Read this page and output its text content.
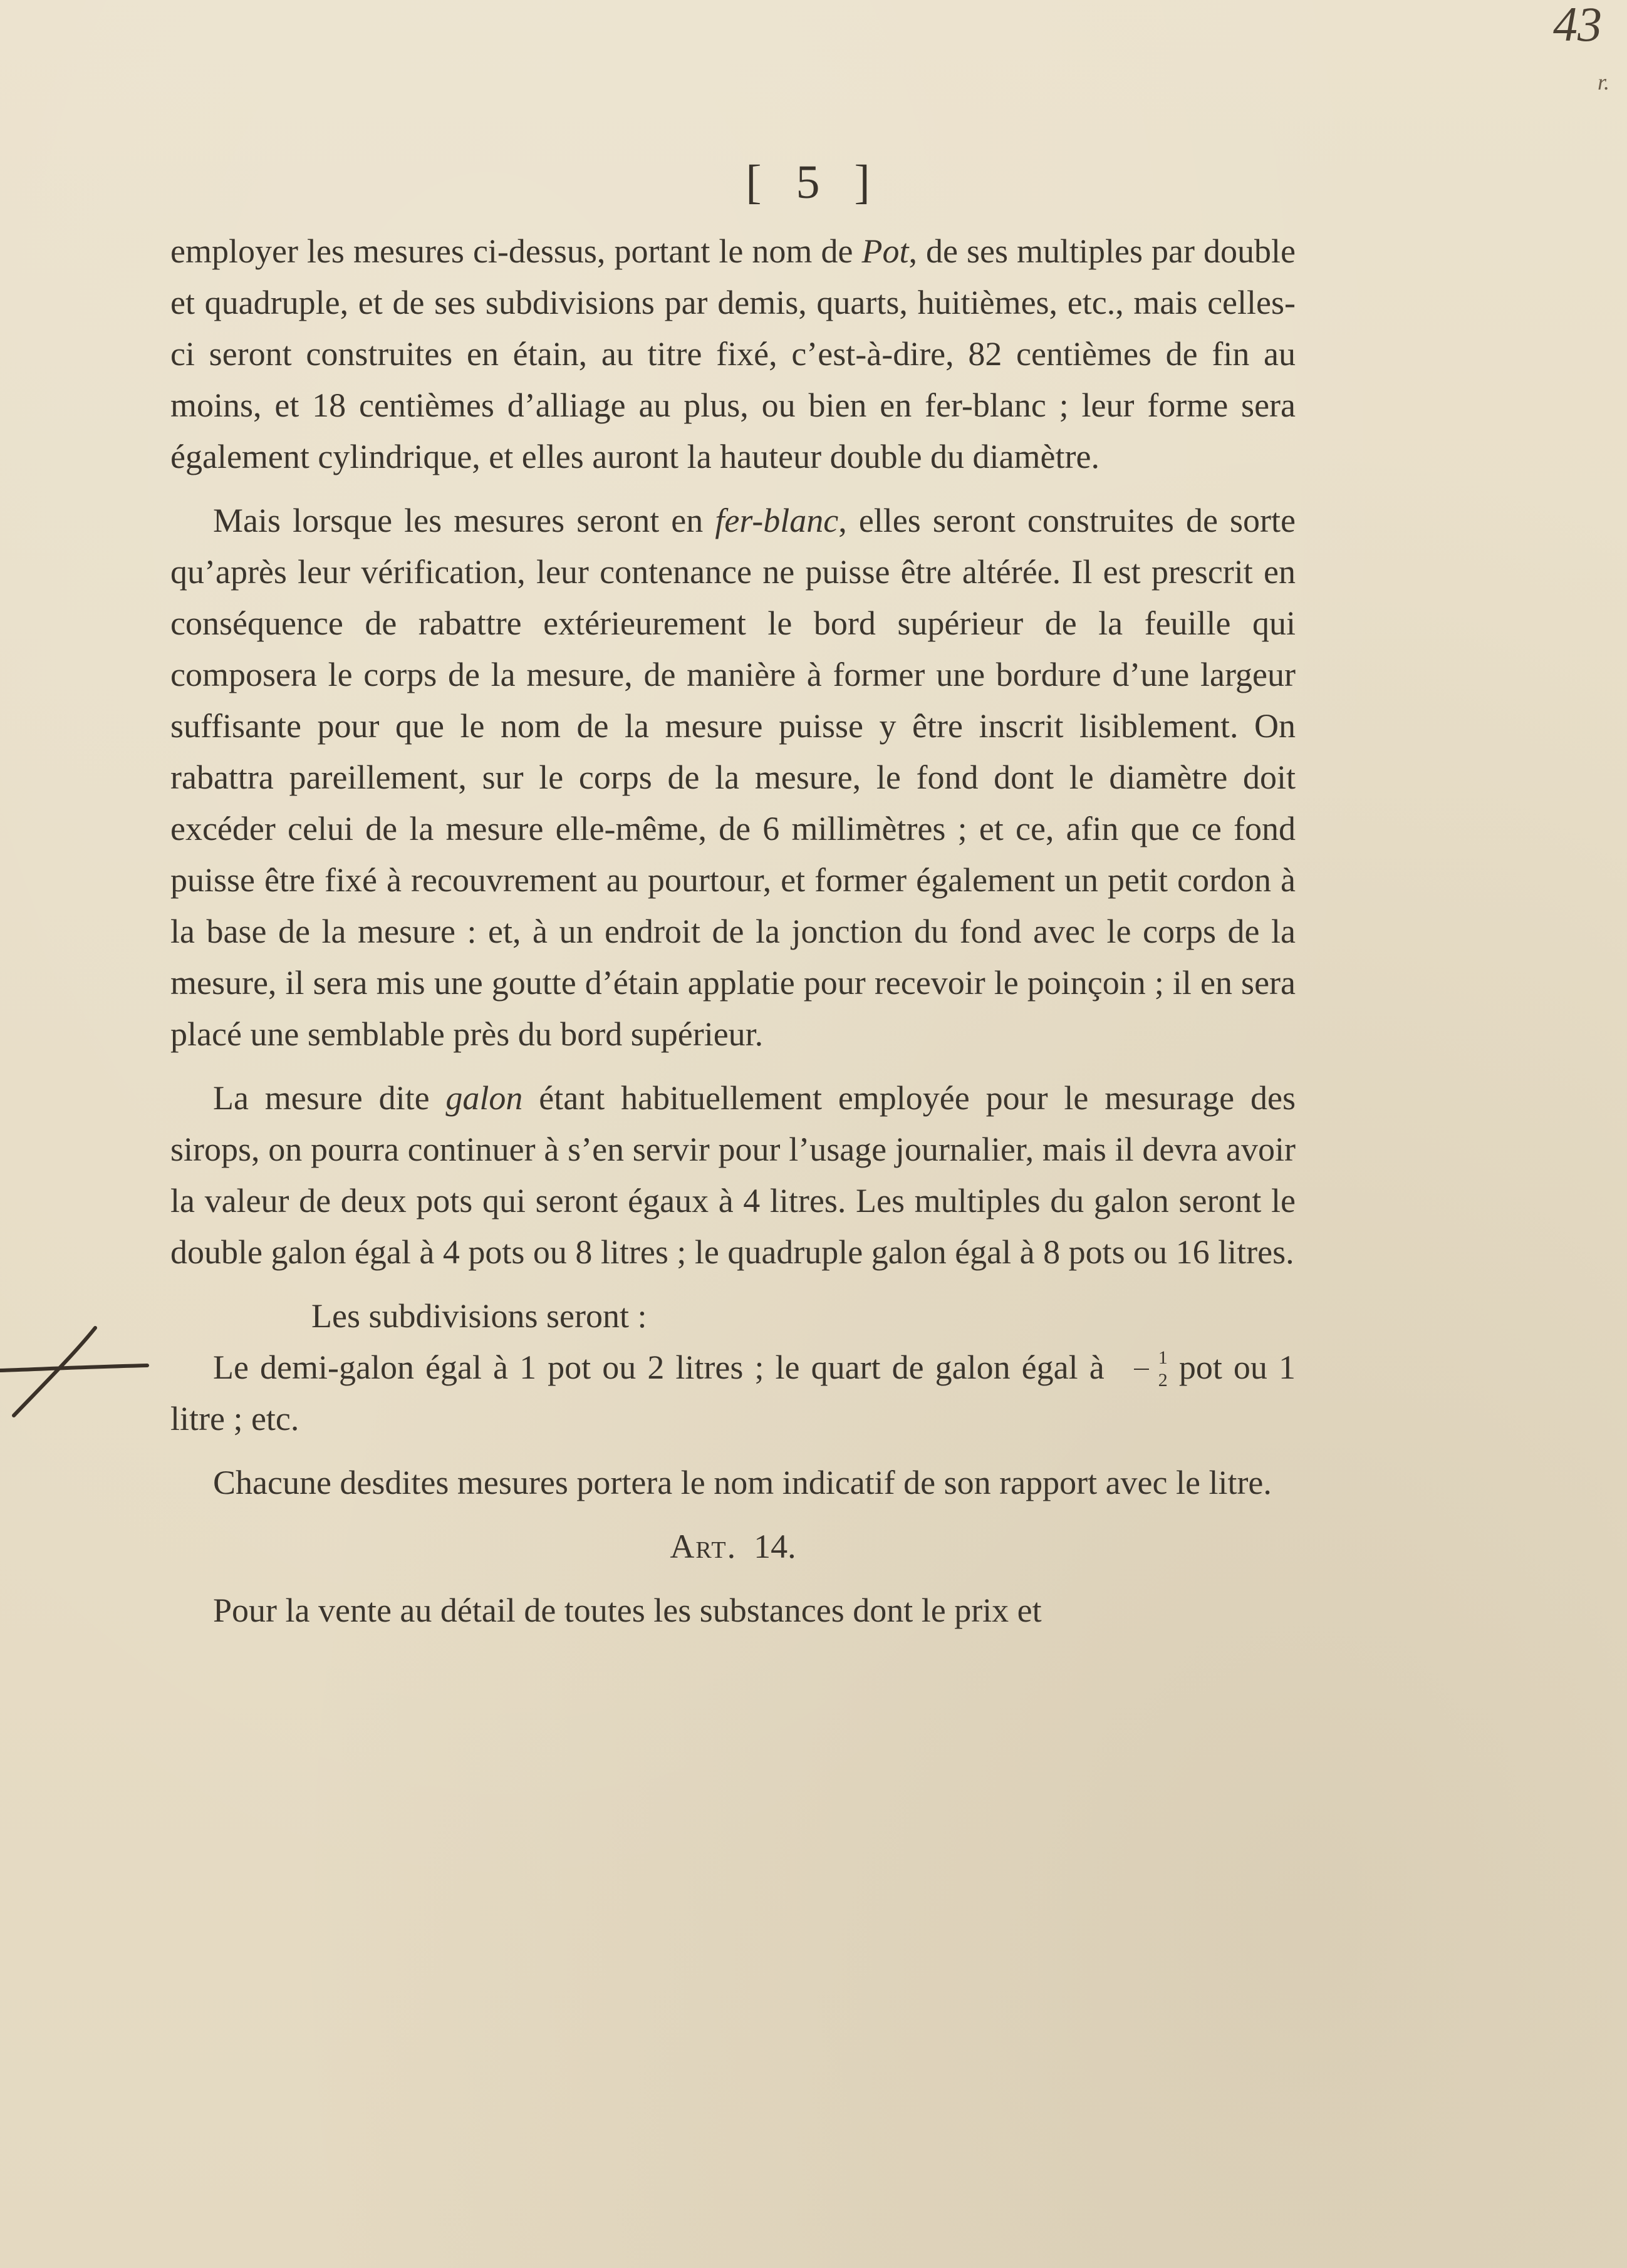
43
r.
[ 5 ]

employer les mesures ci-dessus, portant le nom de Pot, de ses multiples par double et quadruple, et de ses subdivisions par demis, quarts, huitièmes, etc., mais celles-ci seront construites en étain, au titre fixé, c’est-à-dire, 82 centièmes de fin au moins, et 18 centièmes d’alliage au plus, ou bien en fer-blanc ; leur forme sera également cylindrique, et elles auront la hauteur double du diamètre.

Mais lorsque les mesures seront en fer-blanc, elles seront construites de sorte qu’après leur vérification, leur contenance ne puisse être altérée. Il est prescrit en conséquence de rabattre extérieurement le bord supérieur de la feuille qui composera le corps de la mesure, de manière à former une bordure d’une largeur suffisante pour que le nom de la mesure puisse y être inscrit lisiblement. On rabattra pareillement, sur le corps de la mesure, le fond dont le diamètre doit excéder celui de la mesure elle-même, de 6 millimètres ; et ce, afin que ce fond puisse être fixé à recouvrement au pourtour, et former également un petit cordon à la base de la mesure : et, à un endroit de la jonction du fond avec le corps de la mesure, il sera mis une goutte d’étain applatie pour recevoir le poinçoin ; il en sera placé une semblable près du bord supérieur.

La mesure dite galon étant habituellement employée pour le mesurage des sirops, on pourra continuer à s’en servir pour l’usage journalier, mais il devra avoir la valeur de deux pots qui seront égaux à 4 litres. Les multiples du galon seront le double galon égal à 4 pots ou 8 litres ; le quadruple galon égal à 8 pots ou 16 litres.

Les subdivisions seront :

Le demi-galon égal à 1 pot ou 2 litres ; le quart de galon égal à $\frac{1}{2}$ pot ou 1 litre ; etc.

Chacune desdites mesures portera le nom indicatif de son rapport avec le litre.

Art. 14.

Pour la vente au détail de toutes les substances dont le prix et
